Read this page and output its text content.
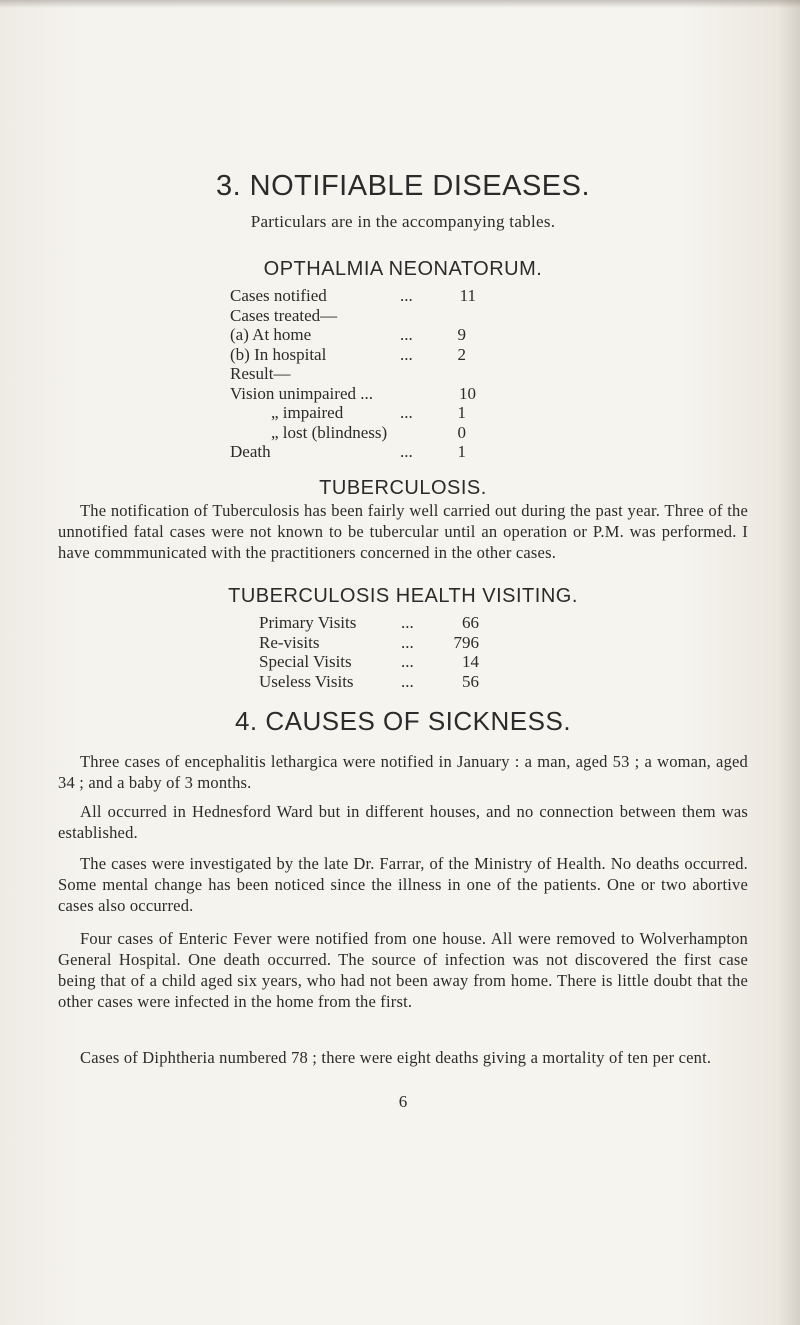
3. NOTIFIABLE DISEASES.
Particulars are in the accompanying tables.
OPTHALMIA NEONATORUM.
Cases notified	...	11
Cases treated—
(a) At home	...	9
(b) In hospital	...	2
Result—
Vision unimpaired ...	10
„ impaired	...	1
„ lost (blindness)	0
Death	...	1
TUBERCULOSIS.

The notification of Tuberculosis has been fairly well carried out during the past year. Three of the unnotified fatal cases were not known to be tubercular until an operation or P.M. was performed. I have commmunicated with the practitioners concerned in the other cases.

TUBERCULOSIS HEALTH VISITING.
Primary Visits	...	66
Re-visits	...	796
Special Visits	...	14
Useless Visits	...	56
4. CAUSES OF SICKNESS.

Three cases of encephalitis lethargica were notified in January : a man, aged 53 ; a woman, aged 34 ; and a baby of 3 months.

All occurred in Hednesford Ward but in different houses, and no connection between them was established.

The cases were investigated by the late Dr. Farrar, of the Ministry of Health. No deaths occurred. Some mental change has been noticed since the illness in one of the patients. One or two abortive cases also occurred.

Four cases of Enteric Fever were notified from one house. All were removed to Wolverhampton General Hospital. One death occurred. The source of infection was not discovered the first case being that of a child aged six years, who had not been away from home. There is little doubt that the other cases were infected in the home from the first.

Cases of Diphtheria numbered 78 ; there were eight deaths giving a mortality of ten per cent.

6
